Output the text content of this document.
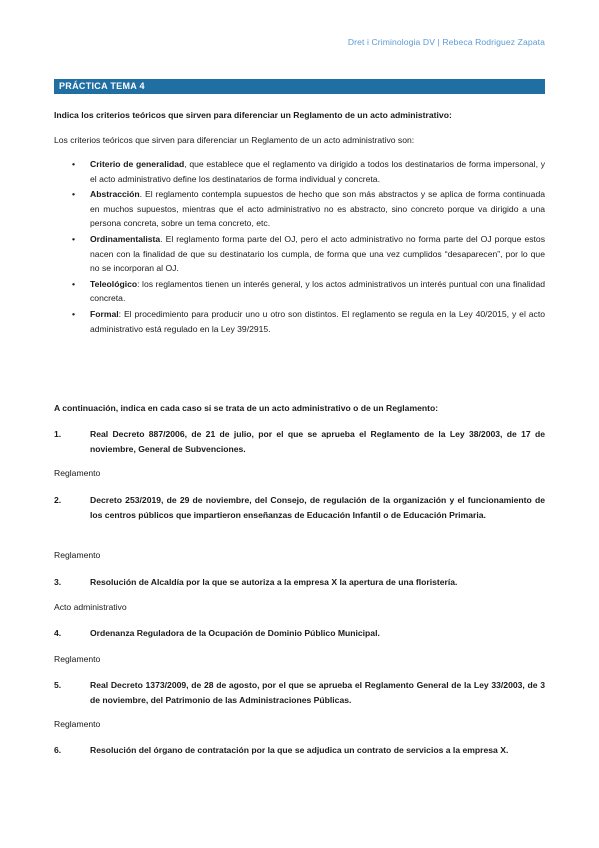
Dret i Criminologia DV | Rebeca Rodriguez Zapata
PRÁCTICA TEMA 4
Indica los criterios teóricos que sirven para diferenciar un Reglamento de un acto administrativo:
Los criterios teóricos que sirven para diferenciar un Reglamento de un acto administrativo son:
• Criterio de generalidad, que establece que el reglamento va dirigido a todos los destinatarios de forma impersonal, y el acto administrativo define los destinatarios de forma individual y concreta.
• Abstracción. El reglamento contempla supuestos de hecho que son más abstractos y se aplica de forma continuada en muchos supuestos, mientras que el acto administrativo no es abstracto, sino concreto porque va dirigido a una persona concreta, sobre un tema concreto, etc.
• Ordinamentalista. El reglamento forma parte del OJ, pero el acto administrativo no forma parte del OJ porque estos nacen con la finalidad de que su destinatario los cumpla, de forma que una vez cumplidos “desaparecen”, por lo que no se incorporan al OJ.
• Teleológico: los reglamentos tienen un interés general, y los actos administrativos un interés puntual con una finalidad concreta.
• Formal: El procedimiento para producir uno u otro son distintos. El reglamento se regula en la Ley 40/2015, y el acto administrativo está regulado en la Ley 39/2915.
A continuación, indica en cada caso si se trata de un acto administrativo o de un Reglamento:
1.	Real Decreto 887/2006, de 21 de julio, por el que se aprueba el Reglamento de la Ley 38/2003, de 17 de noviembre, General de Subvenciones.
Reglamento
2.	Decreto 253/2019, de 29 de noviembre, del Consejo, de regulación de la organización y el funcionamiento de los centros públicos que impartieron enseñanzas de Educación Infantil o de Educación Primaria.
Reglamento
3.	Resolución de Alcaldía por la que se autoriza a la empresa X la apertura de una floristería.
Acto administrativo
4.	Ordenanza Reguladora de la Ocupación de Dominio Público Municipal.
Reglamento
5.	Real Decreto 1373/2009, de 28 de agosto, por el que se aprueba el Reglamento General de la Ley 33/2003, de 3 de noviembre, del Patrimonio de las Administraciones Públicas.
Reglamento
6.	Resolución del órgano de contratación por la que se adjudica un contrato de servicios a la empresa X.
